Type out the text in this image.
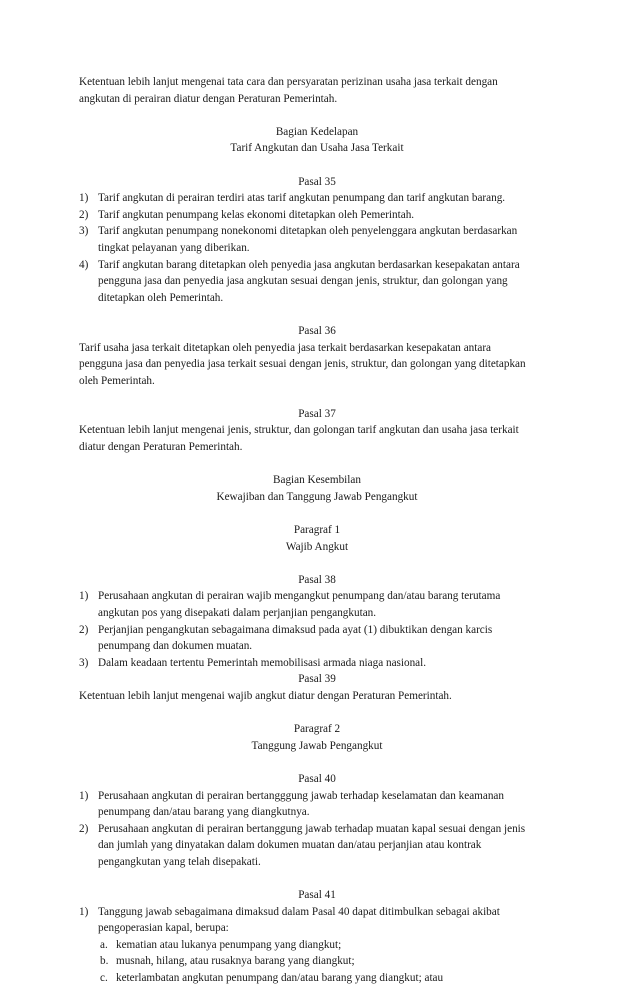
Ketentuan lebih lanjut mengenai tata cara dan persyaratan perizinan usaha jasa terkait dengan

angkutan di perairan diatur dengan Peraturan Pemerintah.

Bagian Kedelapan

Tarif Angkutan dan Usaha Jasa Terkait

Pasal 35

1) Tarif angkutan di perairan terdiri atas tarif angkutan penumpang dan tarif angkutan barang.
2) Tarif angkutan penumpang kelas ekonomi ditetapkan oleh Pemerintah.
3) Tarif angkutan penumpang nonekonomi ditetapkan oleh penyelenggara angkutan berdasarkan
tingkat pelayanan yang diberikan.
4) Tarif angkutan barang ditetapkan oleh penyedia jasa angkutan berdasarkan kesepakatan antara
pengguna jasa dan penyedia jasa angkutan sesuai dengan jenis, struktur, dan golongan yang
ditetapkan oleh Pemerintah.

Pasal 36

Tarif usaha jasa terkait ditetapkan oleh penyedia jasa terkait berdasarkan kesepakatan antara

pengguna jasa dan penyedia jasa terkait sesuai dengan jenis, struktur, dan golongan yang ditetapkan

oleh Pemerintah.

Pasal 37

Ketentuan lebih lanjut mengenai jenis, struktur, dan golongan tarif angkutan dan usaha jasa terkait

diatur dengan Peraturan Pemerintah.

Bagian Kesembilan

Kewajiban dan Tanggung Jawab Pengangkut

Paragraf 1

Wajib Angkut

Pasal 38

1) Perusahaan angkutan di perairan wajib mengangkut penumpang dan/atau barang terutama
angkutan pos yang disepakati dalam perjanjian pengangkutan.
2) Perjanjian pengangkutan sebagaimana dimaksud pada ayat (1) dibuktikan dengan karcis
penumpang dan dokumen muatan.
3) Dalam keadaan tertentu Pemerintah memobilisasi armada niaga nasional.

Pasal 39

Ketentuan lebih lanjut mengenai wajib angkut diatur dengan Peraturan Pemerintah.

Paragraf 2

Tanggung Jawab Pengangkut

Pasal 40

1) Perusahaan angkutan di perairan bertangggung jawab terhadap keselamatan dan keamanan
penumpang dan/atau barang yang diangkutnya.
2) Perusahaan angkutan di perairan bertanggung jawab terhadap muatan kapal sesuai dengan jenis
dan jumlah yang dinyatakan dalam dokumen muatan dan/atau perjanjian atau kontrak
pengangkutan yang telah disepakati.

Pasal 41

1) Tanggung jawab sebagaimana dimaksud dalam Pasal 40 dapat ditimbulkan sebagai akibat
pengoperasian kapal, berupa:
a. kematian atau lukanya penumpang yang diangkut;
b. musnah, hilang, atau rusaknya barang yang diangkut;
c. keterlambatan angkutan penumpang dan/atau barang yang diangkut; atau
